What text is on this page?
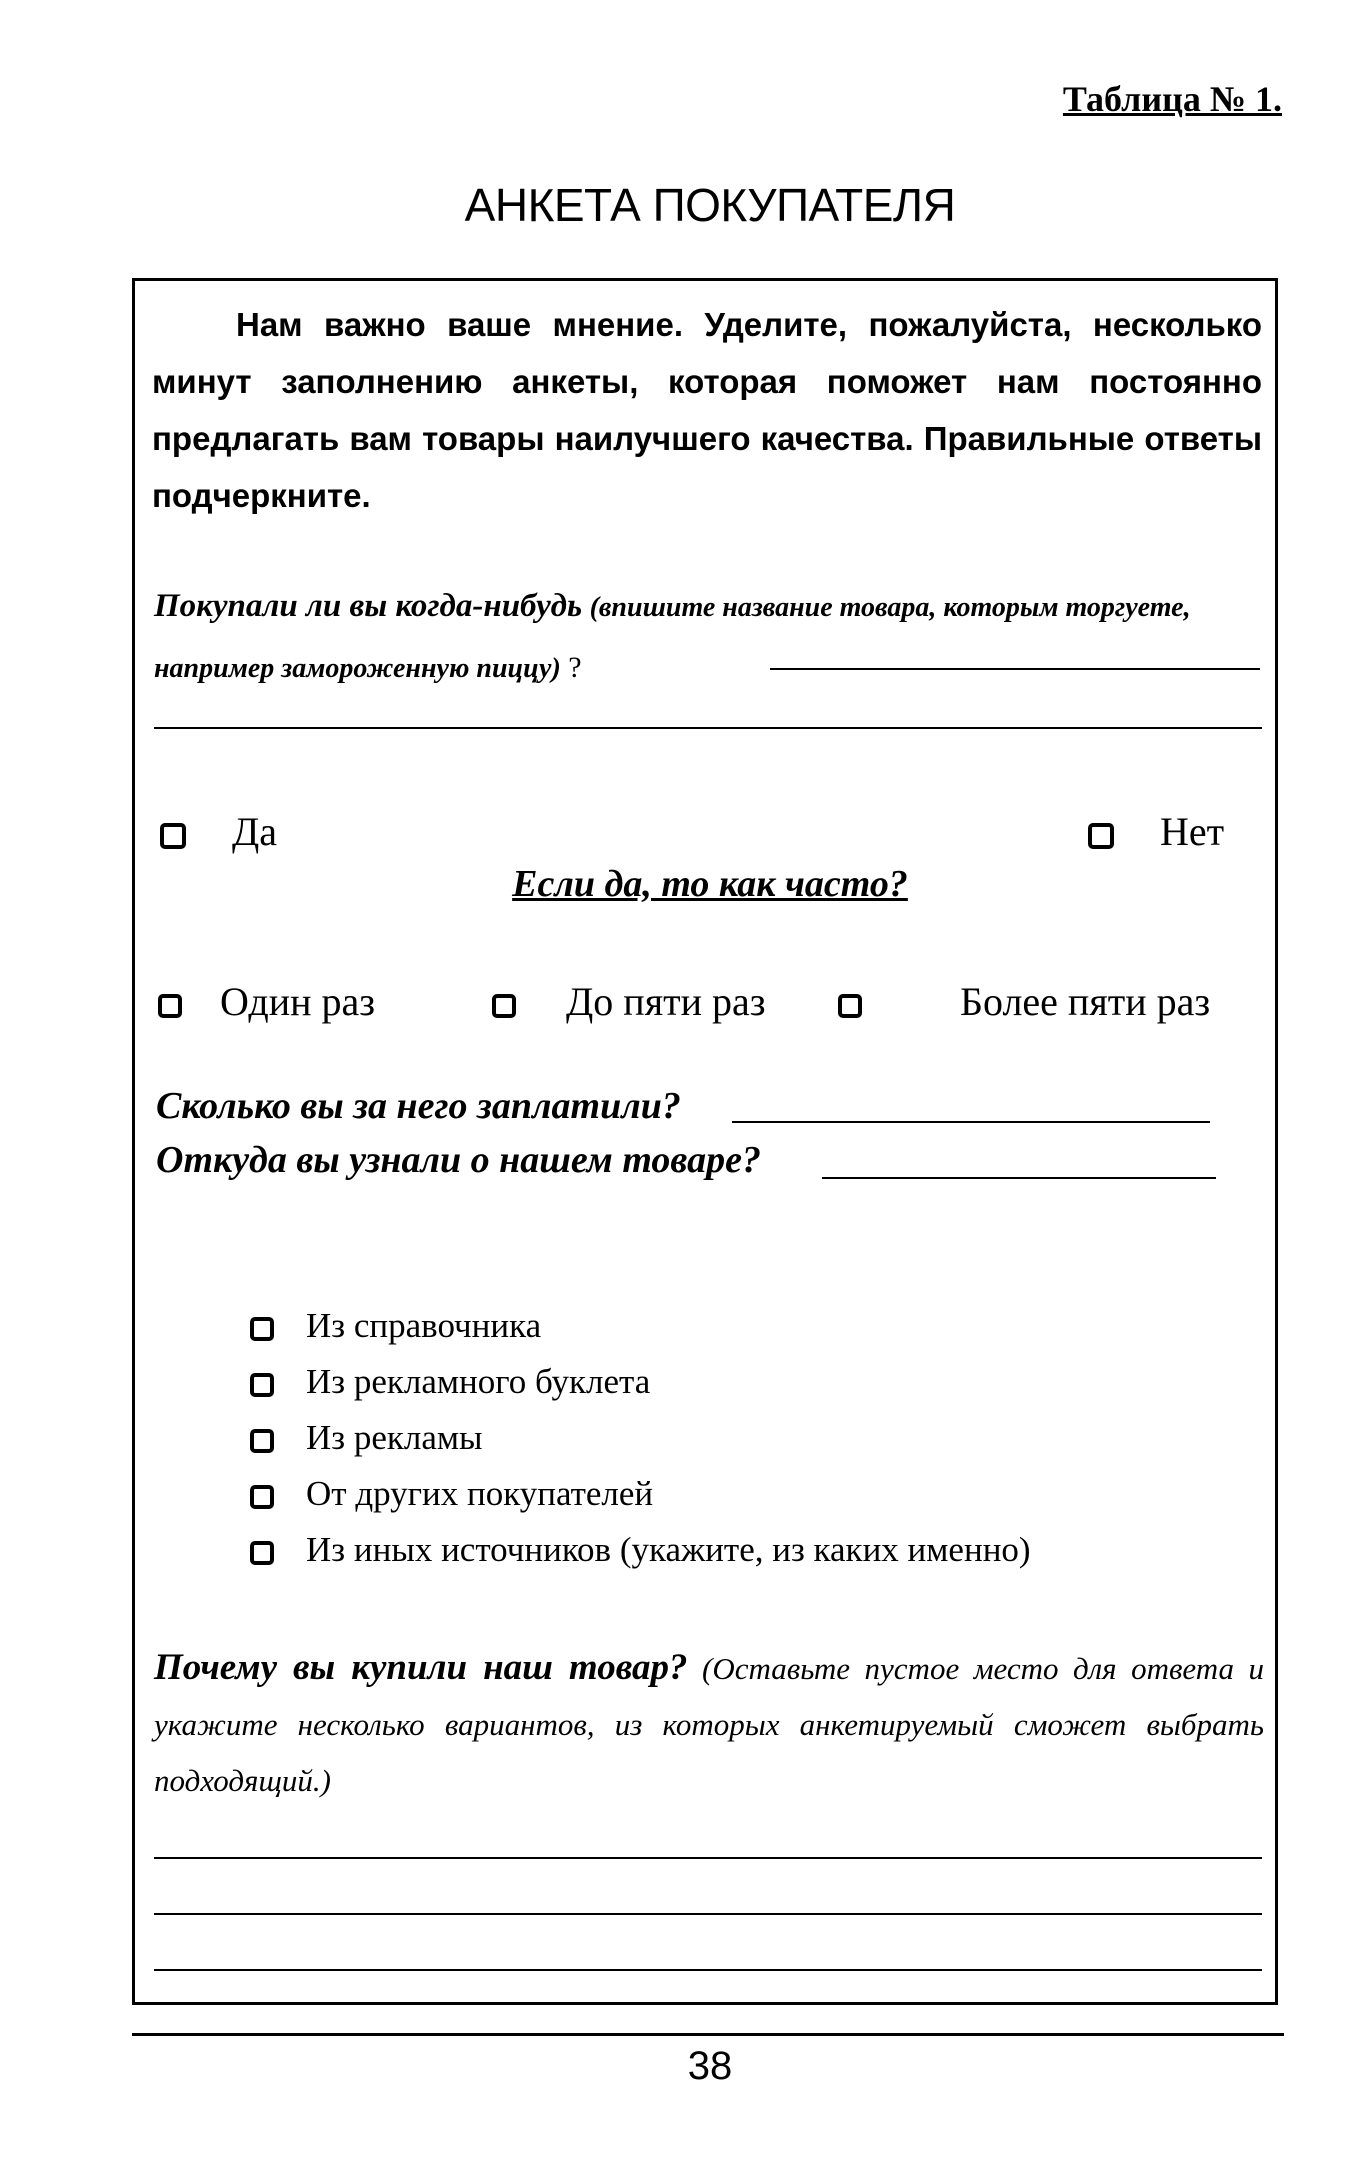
Таблица № 1.
АНКЕТА ПОКУПАТЕЛЯ
Нам важно ваше мнение. Уделите, пожалуйста, несколько минут заполнению анкеты, которая поможет нам постоянно предлагать вам товары наилучшего качества. Правильные ответы подчеркните.
Покупали ли вы когда-нибудь (впишите название товара, которым торгуете, например замороженную пиццу) ?
Да	Нет
Если да, то как часто?
Один раз	До пяти раз	Более пяти раз
Сколько вы за него заплатили?
Откуда вы узнали о нашем товаре?
Из справочника
Из рекламного буклета
Из рекламы
От других покупателей
Из иных источников (укажите, из каких именно)
Почему вы купили наш товар? (Оставьте пустое место для ответа и укажите несколько вариантов, из которых анкетируемый сможет выбрать подходящий.)
38
